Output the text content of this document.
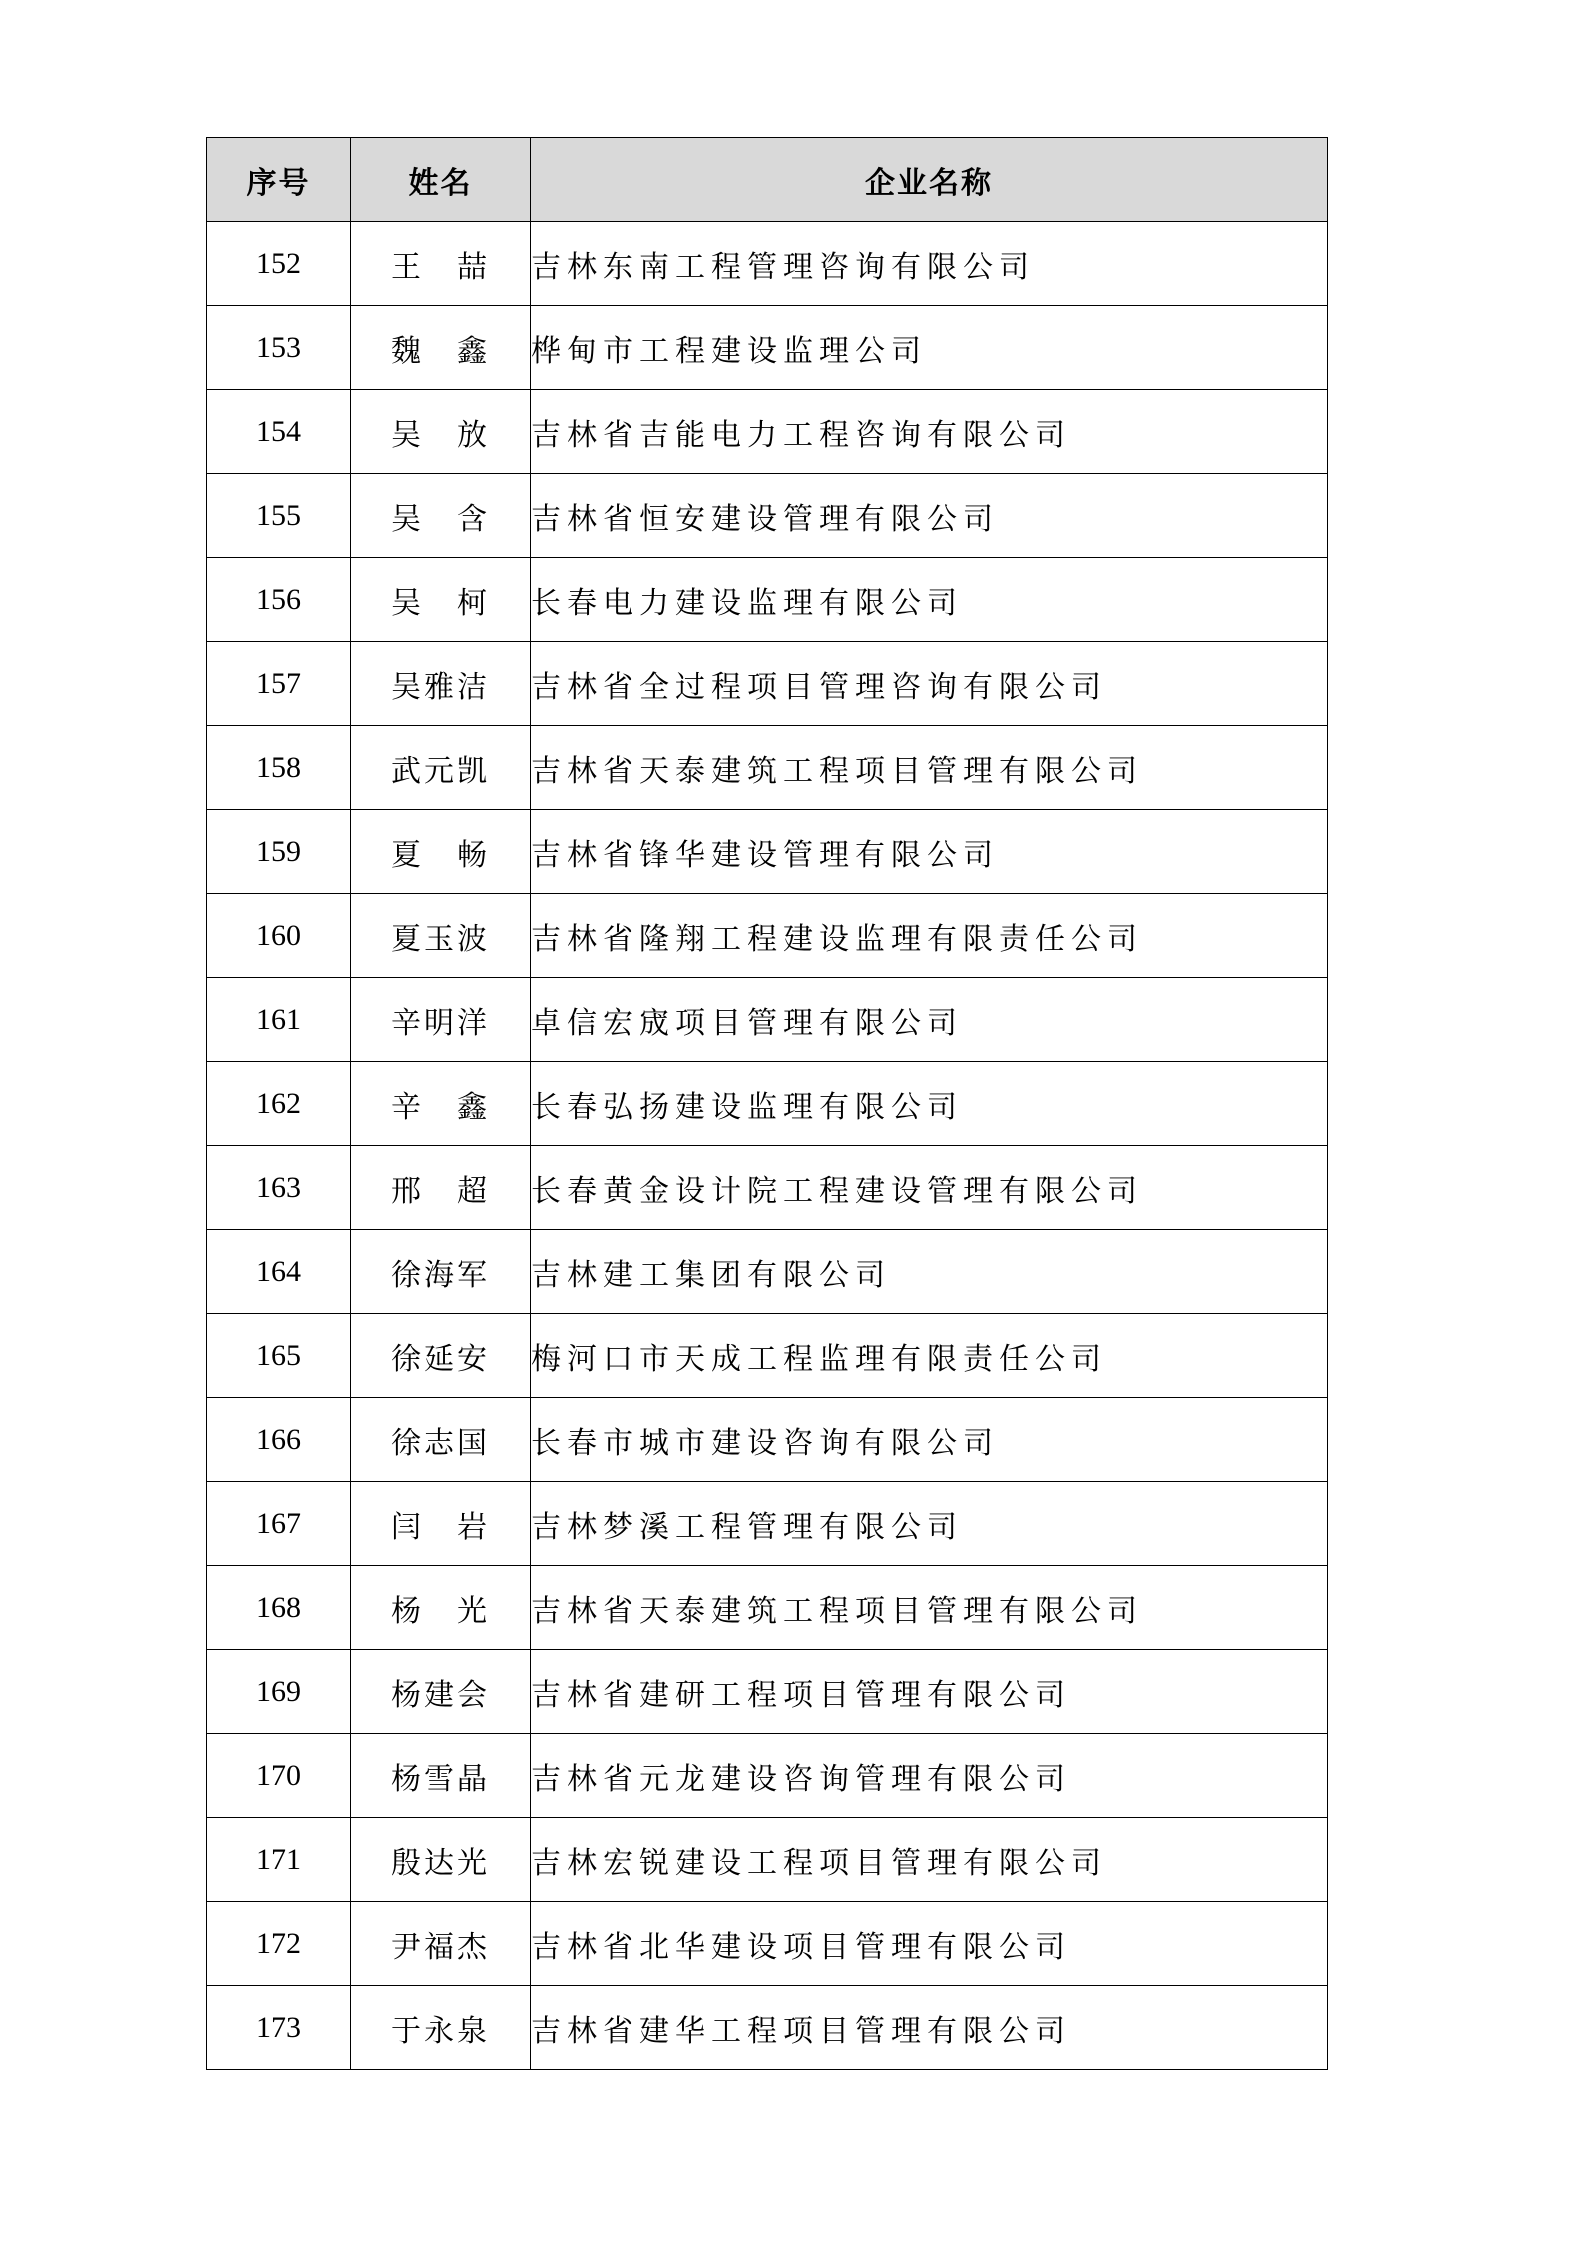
序号	姓名	企业名称
152	王　喆	吉林东南工程管理咨询有限公司
153	魏　鑫	桦甸市工程建设监理公司
154	吴　放	吉林省吉能电力工程咨询有限公司
155	吴　含	吉林省恒安建设管理有限公司
156	吴　柯	长春电力建设监理有限公司
157	吴雅洁	吉林省全过程项目管理咨询有限公司
158	武元凯	吉林省天泰建筑工程项目管理有限公司
159	夏　畅	吉林省锋华建设管理有限公司
160	夏玉波	吉林省隆翔工程建设监理有限责任公司
161	辛明洋	卓信宏宬项目管理有限公司
162	辛　鑫	长春弘扬建设监理有限公司
163	邢　超	长春黄金设计院工程建设管理有限公司
164	徐海军	吉林建工集团有限公司
165	徐延安	梅河口市天成工程监理有限责任公司
166	徐志国	长春市城市建设咨询有限公司
167	闫　岩	吉林梦溪工程管理有限公司
168	杨　光	吉林省天泰建筑工程项目管理有限公司
169	杨建会	吉林省建研工程项目管理有限公司
170	杨雪晶	吉林省元龙建设咨询管理有限公司
171	殷达光	吉林宏锐建设工程项目管理有限公司
172	尹福杰	吉林省北华建设项目管理有限公司
173	于永泉	吉林省建华工程项目管理有限公司
